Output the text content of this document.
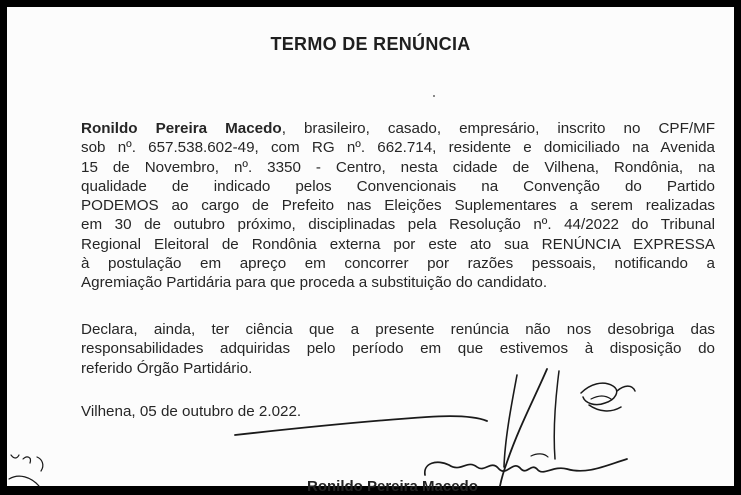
TERMO DE RENÚNCIA
Ronildo Pereira Macedo, brasileiro, casado, empresário, inscrito no CPF/MF
sob nº. 657.538.602-49, com RG nº. 662.714, residente e domiciliado na Avenida
15 de Novembro, nº. 3350 - Centro, nesta cidade de Vilhena, Rondônia, na
qualidade de indicado pelos Convencionais na Convenção do Partido
PODEMOS ao cargo de Prefeito nas Eleições Suplementares a serem realizadas
em 30 de outubro próximo, disciplinadas pela Resolução nº. 44/2022 do Tribunal
Regional Eleitoral de Rondônia externa por este ato sua RENÚNCIA EXPRESSA
à postulação em apreço em concorrer por razões pessoais, notificando a
Agremiação Partidária para que proceda a substituição do candidato.
Declara, ainda, ter ciência que a presente renúncia não nos desobriga das
responsabilidades adquiridas pelo período em que estivemos à disposição do
referido Órgão Partidário.
Vilhena, 05 de outubro de 2.022.
Ronildo Pereira Macedo
